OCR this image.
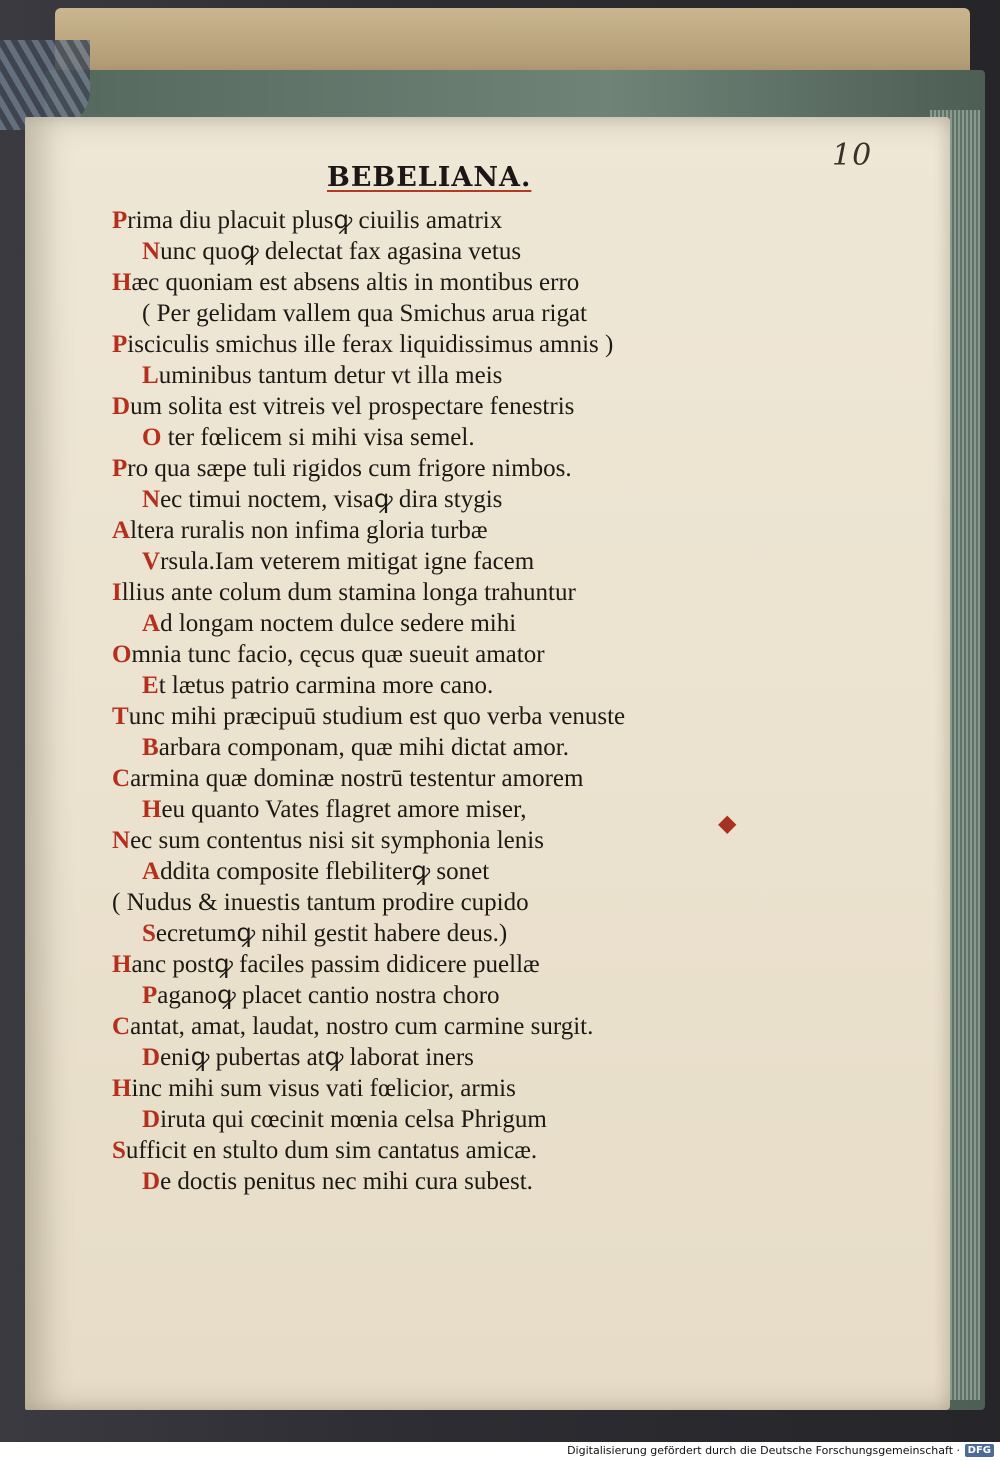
10
BEBELIANA.
Prima diu placuit plusꝙ ciuilis amatrix
Nunc quoꝙ delectat fax agasina vetus
Hæc quoniam est absens altis in montibus erro
( Per gelidam vallem qua Smichus arua rigat
Pisciculis smichus ille ferax liquidissimus amnis )
Luminibus tantum detur vt illa meis
Dum solita est vitreis vel prospectare fenestris
O ter fœlicem si mihi visa semel.
Pro qua sæpe tuli rigidos cum frigore nimbos.
Nec timui noctem, visaꝙ dira stygis
Altera ruralis non infima gloria turbæ
Vrsula.Iam veterem mitigat igne facem
Illius ante colum dum stamina longa trahuntur
Ad longam noctem dulce sedere mihi
Omnia tunc facio, cęcus quæ sueuit amator
Et lætus patrio carmina more cano.
Tunc mihi præcipuū studium est quo verba venuste
Barbara componam, quæ mihi dictat amor.
Carmina quæ dominæ nostrū testentur amorem
Heu quanto Vates flagret amore miser,
Nec sum contentus nisi sit symphonia lenis
Addita composite flebiliterꝙ sonet
( Nudus & inuestis tantum prodire cupido
Secretumꝙ nihil gestit habere deus.)
Hanc postꝙ faciles passim didicere puellæ
Paganoꝙ placet cantio nostra choro
Cantat, amat, laudat, nostro cum carmine surgit.
Deniꝙ pubertas atꝙ laborat iners
Hinc mihi sum visus vati fœlicior, armis
Diruta qui cœcinit mœnia celsa Phrigum
Sufficit en stulto dum sim cantatus amicæ.
De doctis penitus nec mihi cura subest.
◆
Digitalisierung gefördert durch die Deutsche Forschungsgemeinschaft · DFG
